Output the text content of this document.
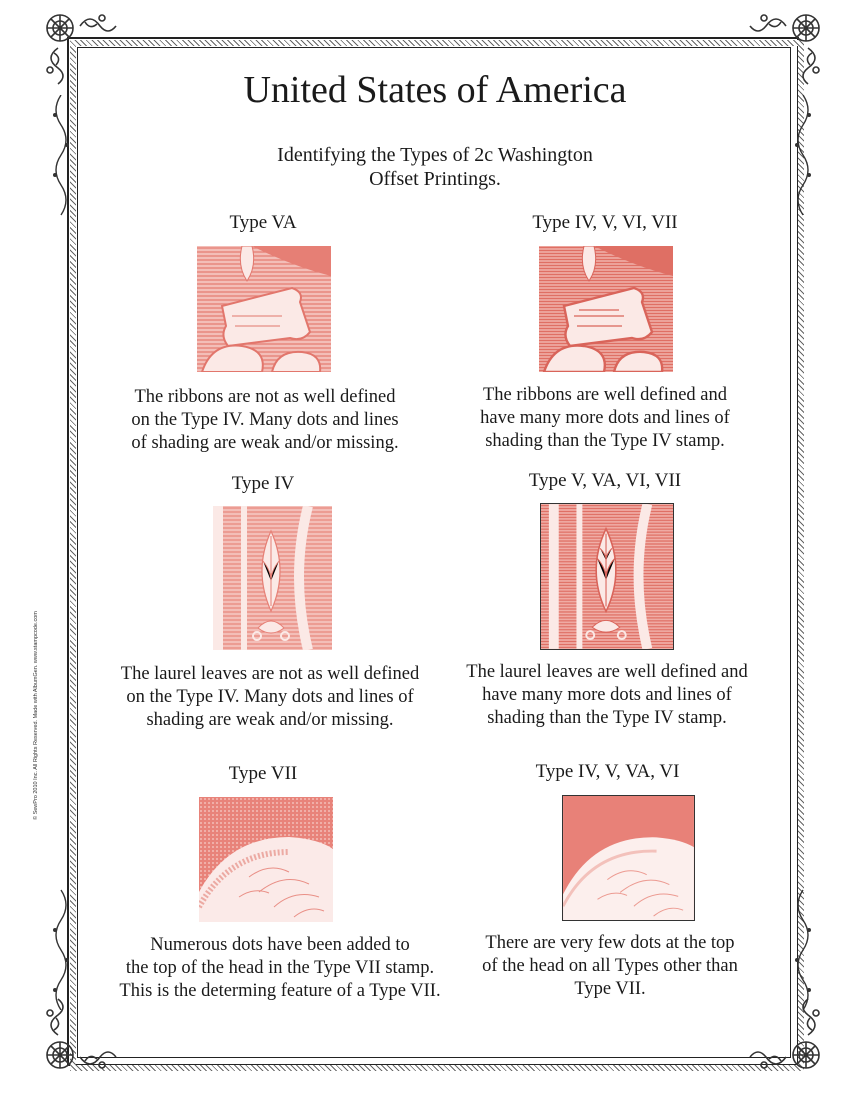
© SewPro 2010 Inc. All Rights Reserved. Made with AlbumGen. www.stampcode.com
United States of America
Identifying the Types of 2c Washington
Offset Printings.
Type VA
The ribbons are not as well defined
on the Type IV. Many dots and lines
of shading are weak and/or missing.
Type IV, V, VI, VII
The ribbons are well defined and
have many more dots and lines of
shading than the Type IV stamp.
Type IV
The laurel leaves are not as well defined
on the Type IV. Many dots and lines of
shading are weak and/or missing.
Type V, VA, VI, VII
The laurel leaves are well defined and
have many more dots and lines of
shading than the Type IV stamp.
Type VII
Numerous dots have been added to
the top of the head in the Type VII stamp.
This is the determing feature of a Type VII.
Type IV, V, VA, VI
There are very few dots at the top
of the head on all Types other than
Type VII.
